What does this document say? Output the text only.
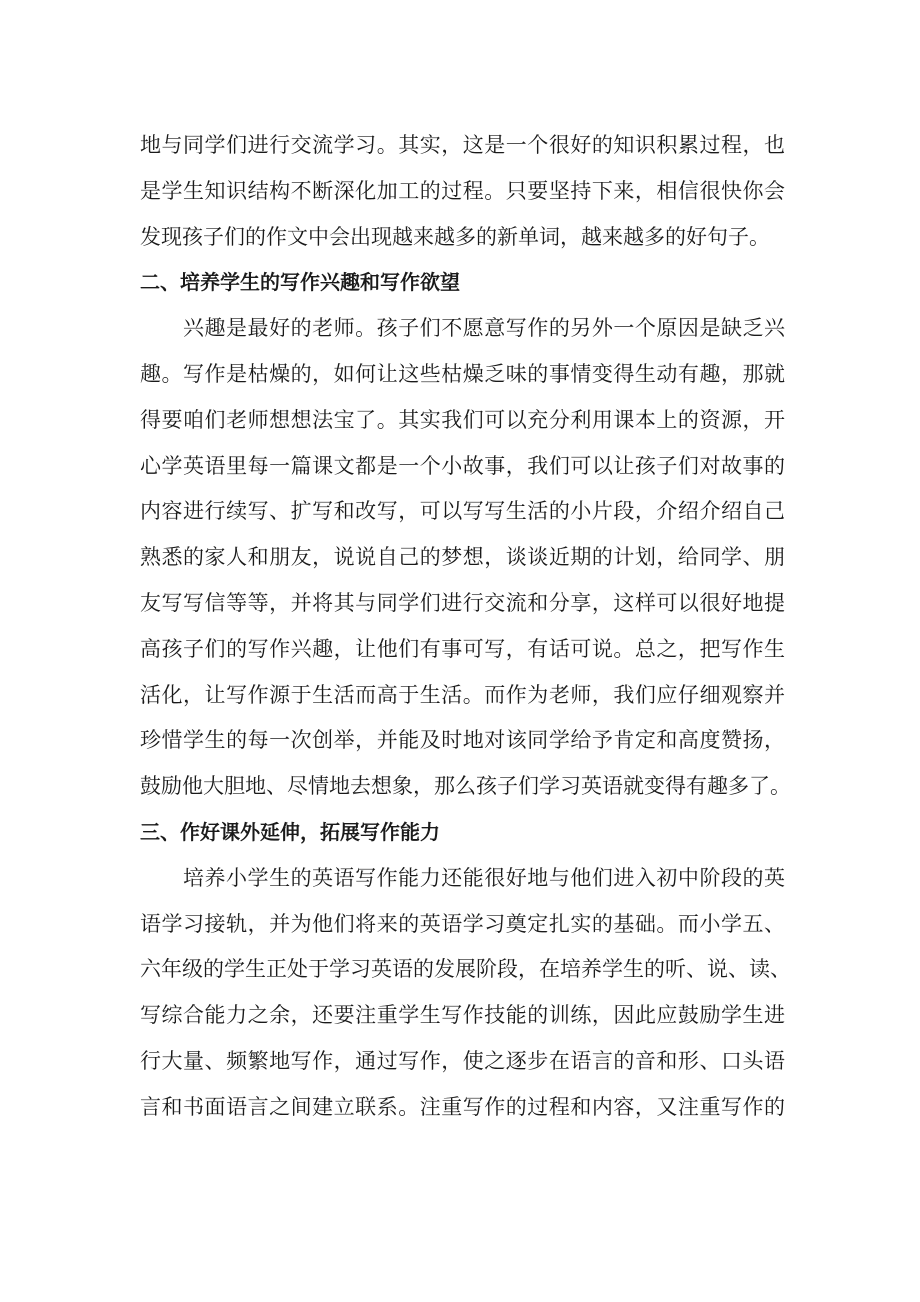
地与同学们进行交流学习。其实，这是一个很好的知识积累过程，也
是学生知识结构不断深化加工的过程。只要坚持下来，相信很快你会
发现孩子们的作文中会出现越来越多的新单词，越来越多的好句子。
二、培养学生的写作兴趣和写作欲望
兴趣是最好的老师。孩子们不愿意写作的另外一个原因是缺乏兴
趣。写作是枯燥的，如何让这些枯燥乏味的事情变得生动有趣，那就
得要咱们老师想想法宝了。其实我们可以充分利用课本上的资源，开
心学英语里每一篇课文都是一个小故事，我们可以让孩子们对故事的
内容进行续写、扩写和改写，可以写写生活的小片段，介绍介绍自己
熟悉的家人和朋友，说说自己的梦想，谈谈近期的计划，给同学、朋
友写写信等等，并将其与同学们进行交流和分享，这样可以很好地提
高孩子们的写作兴趣，让他们有事可写，有话可说。总之，把写作生
活化，让写作源于生活而高于生活。而作为老师，我们应仔细观察并
珍惜学生的每一次创举，并能及时地对该同学给予肯定和高度赞扬，
鼓励他大胆地、尽情地去想象，那么孩子们学习英语就变得有趣多了。
三、作好课外延伸，拓展写作能力
培养小学生的英语写作能力还能很好地与他们进入初中阶段的英
语学习接轨，并为他们将来的英语学习奠定扎实的基础。而小学五、
六年级的学生正处于学习英语的发展阶段，在培养学生的听、说、读、
写综合能力之余，还要注重学生写作技能的训练，因此应鼓励学生进
行大量、频繁地写作，通过写作，使之逐步在语言的音和形、口头语
言和书面语言之间建立联系。注重写作的过程和内容，又注重写作的
